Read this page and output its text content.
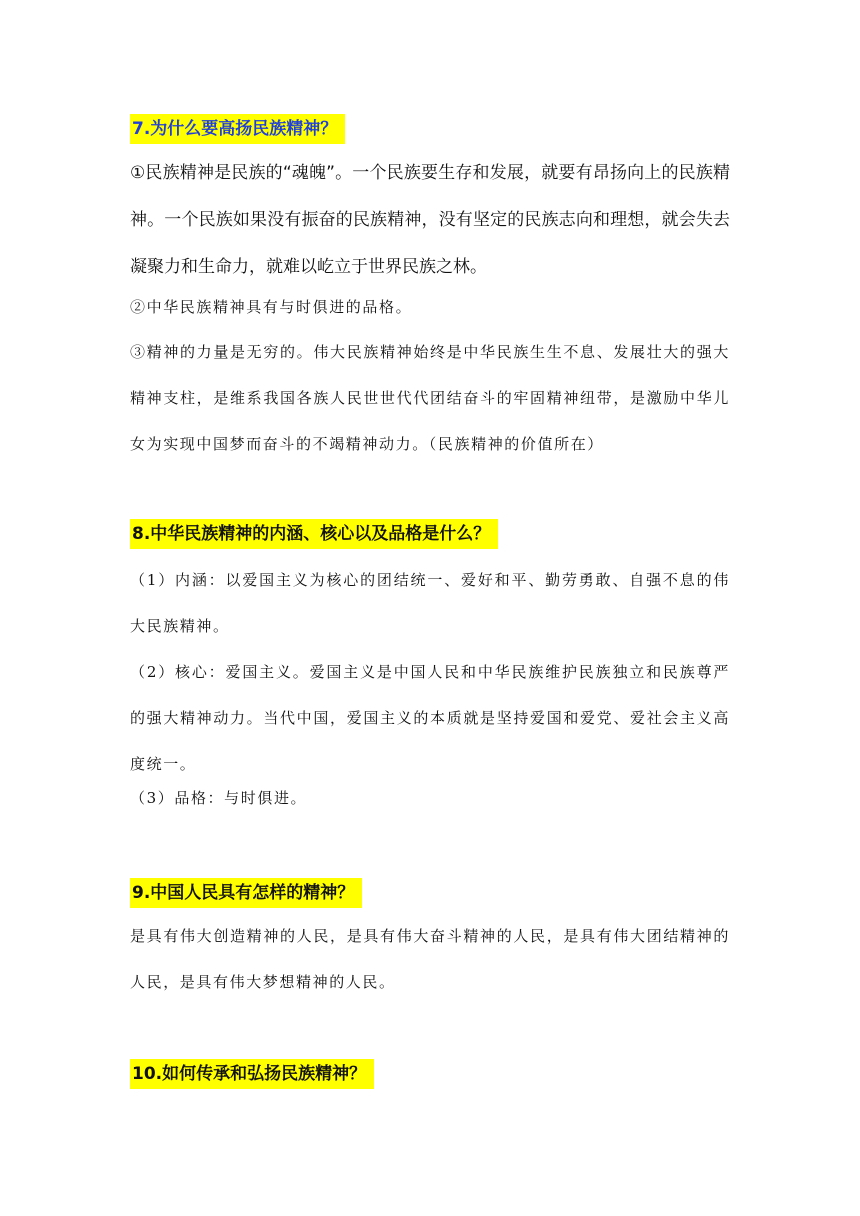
7.为什么要高扬民族精神？

①民族精神是民族的“魂魄”。一个民族要生存和发展，就要有昂扬向上的民族精神。一个民族如果没有振奋的民族精神，没有坚定的民族志向和理想，就会失去凝聚力和生命力，就难以屹立于世界民族之林。

②中华民族精神具有与时俱进的品格。

③精神的力量是无穷的。伟大民族精神始终是中华民族生生不息、发展壮大的强大精神支柱，是维系我国各族人民世世代代团结奋斗的牢固精神纽带，是激励中华儿女为实现中国梦而奋斗的不竭精神动力。（民族精神的价值所在）

8.中华民族精神的内涵、核心以及品格是什么？

（1）内涵：以爱国主义为核心的团结统一、爱好和平、勤劳勇敢、自强不息的伟大民族精神。

（2）核心：爱国主义。爱国主义是中国人民和中华民族维护民族独立和民族尊严的强大精神动力。当代中国，爱国主义的本质就是坚持爱国和爱党、爱社会主义高度统一。

（3）品格：与时俱进。

9.中国人民具有怎样的精神？

是具有伟大创造精神的人民，是具有伟大奋斗精神的人民，是具有伟大团结精神的人民，是具有伟大梦想精神的人民。

10.如何传承和弘扬民族精神？
